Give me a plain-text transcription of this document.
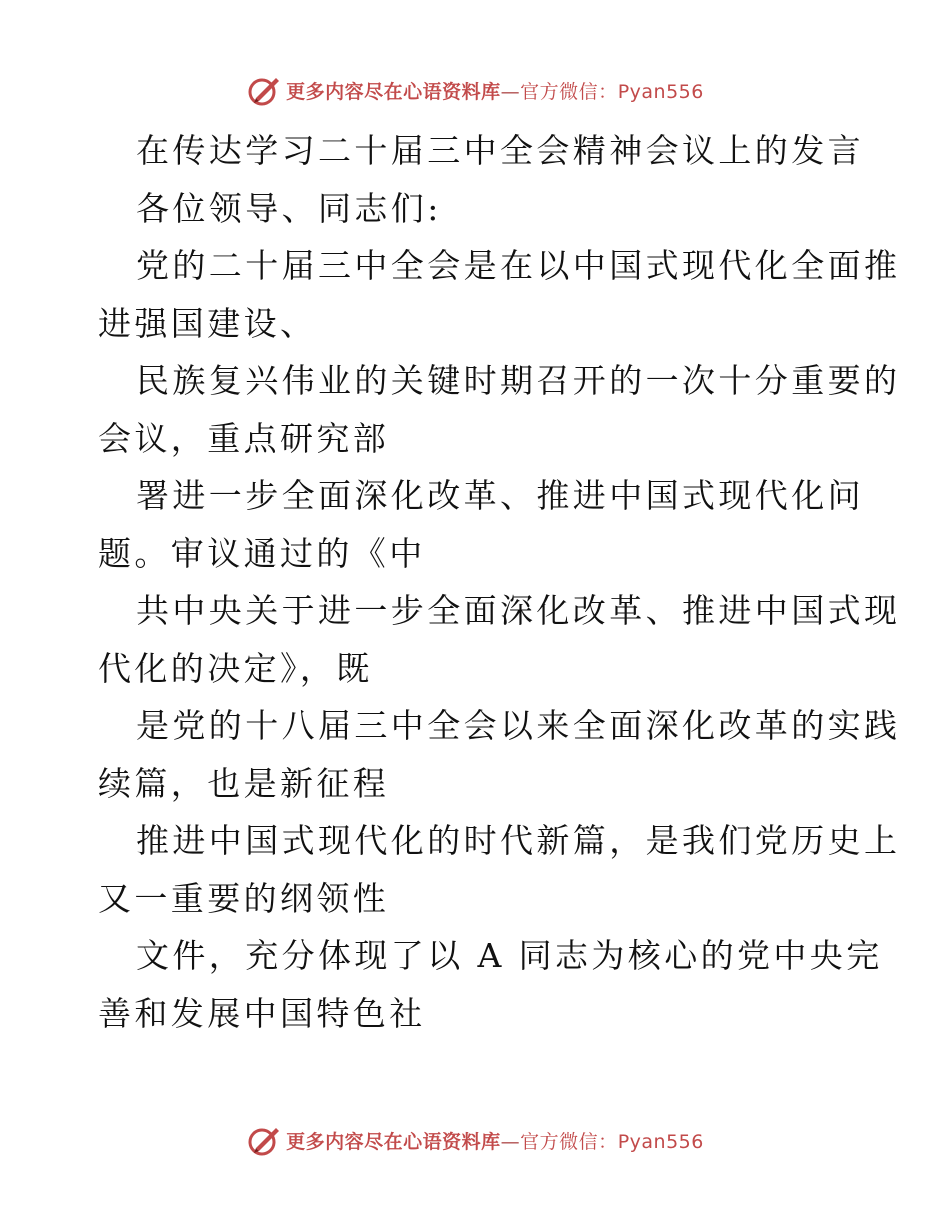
更多内容尽在心语资料库—官方微信：Pyan556
在传达学习二十届三中全会精神会议上的发言
各位领导、同志们:
党的二十届三中全会是在以中国式现代化全面推
进强国建设、
民族复兴伟业的关键时期召开的一次十分重要的
会议，重点研究部
署进一步全面深化改革、推进中国式现代化问
题。审议通过的《中
共中央关于进一步全面深化改革、推进中国式现
代化的决定》，既
是党的十八届三中全会以来全面深化改革的实践
续篇，也是新征程
推进中国式现代化的时代新篇，是我们党历史上
又一重要的纲领性
文件，充分体现了以 A 同志为核心的党中央完
善和发展中国特色社
更多内容尽在心语资料库—官方微信：Pyan556
